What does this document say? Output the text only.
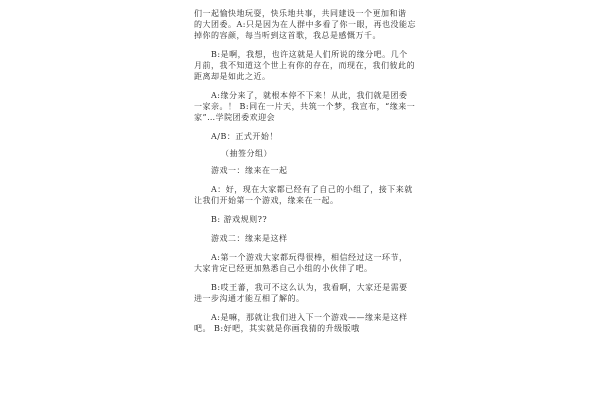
们一起愉快地玩耍，快乐地共事，共同建设一个更加和谐

的大团委。A:只是因为在人群中多看了你一眼，再也没能忘

掉你的容颜，每当听到这首歌，我总是感慨万千。

B:是啊，我想，也许这就是人们所说的缘分吧。几个

月前，我不知道这个世上有你的存在，而现在，我们彼此的

距离却是如此之近。

A:缘分来了，就根本停不下来！从此，我们就是团委

一家亲。！ B:同在一片天，共筑一个梦，我宣布，“缘来一

家”…学院团委欢迎会

A/B：正式开始！

（抽签分组）

游戏一：缘来在一起

A：好，现在大家都已经有了自己的小组了，接下来就

让我们开始第一个游戏，缘来在一起。

B: 游戏规则??

游戏二：缘来是这样

A:第一个游戏大家都玩得很棒，相信经过这一环节，

大家肯定已经更加熟悉自己小组的小伙伴了吧。

B:哎王蕃，我可不这么认为，我看啊，大家还是需要

进一步沟通才能互相了解的。

A:是嘛，那就让我们进入下一个游戏——缘来是这样

吧。 B:好吧，其实就是你画我猜的升级版哦
